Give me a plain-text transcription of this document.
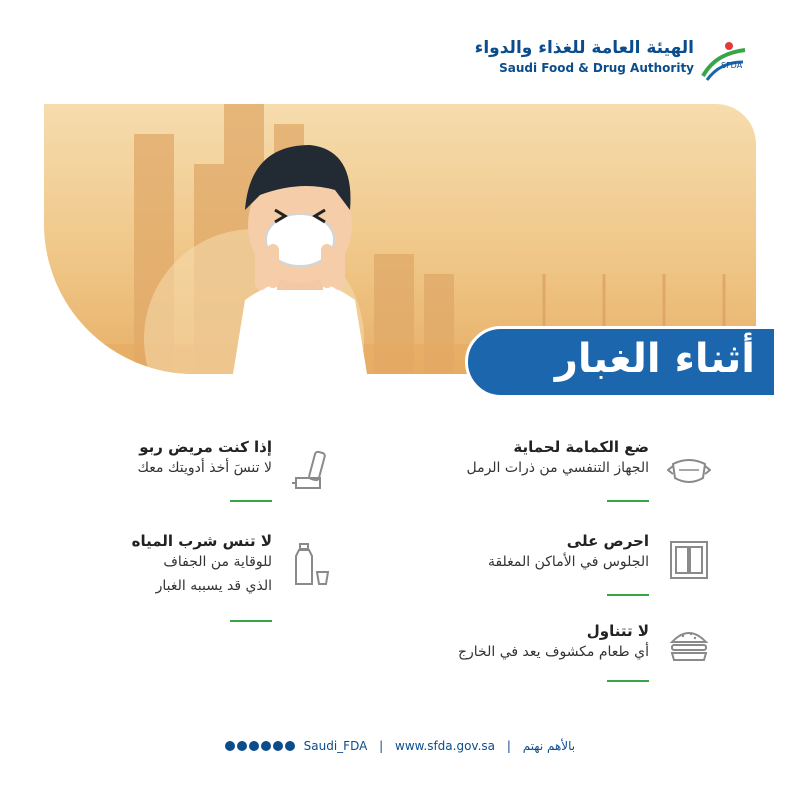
الهيئة العامة للغذاء والدواء
Saudi Food & Drug Authority	SFDA
أثناء الغبار
ضع الكمامة لحماية
الجهاز التنفسي من ذرات الرمل
احرص على
الجلوس في الأماكن المغلقة
لا تتناول
أي طعام مكشوف يعد في الخارج
إذا كنت مريض ربو
لا تنسَ أخذ أدويتك معك
لا تنس شرب المياه
للوقاية من الجفاف
الذي قد يسببه الغبار
Saudi_FDA | www.sfda.gov.sa | بالأهم نهتم
